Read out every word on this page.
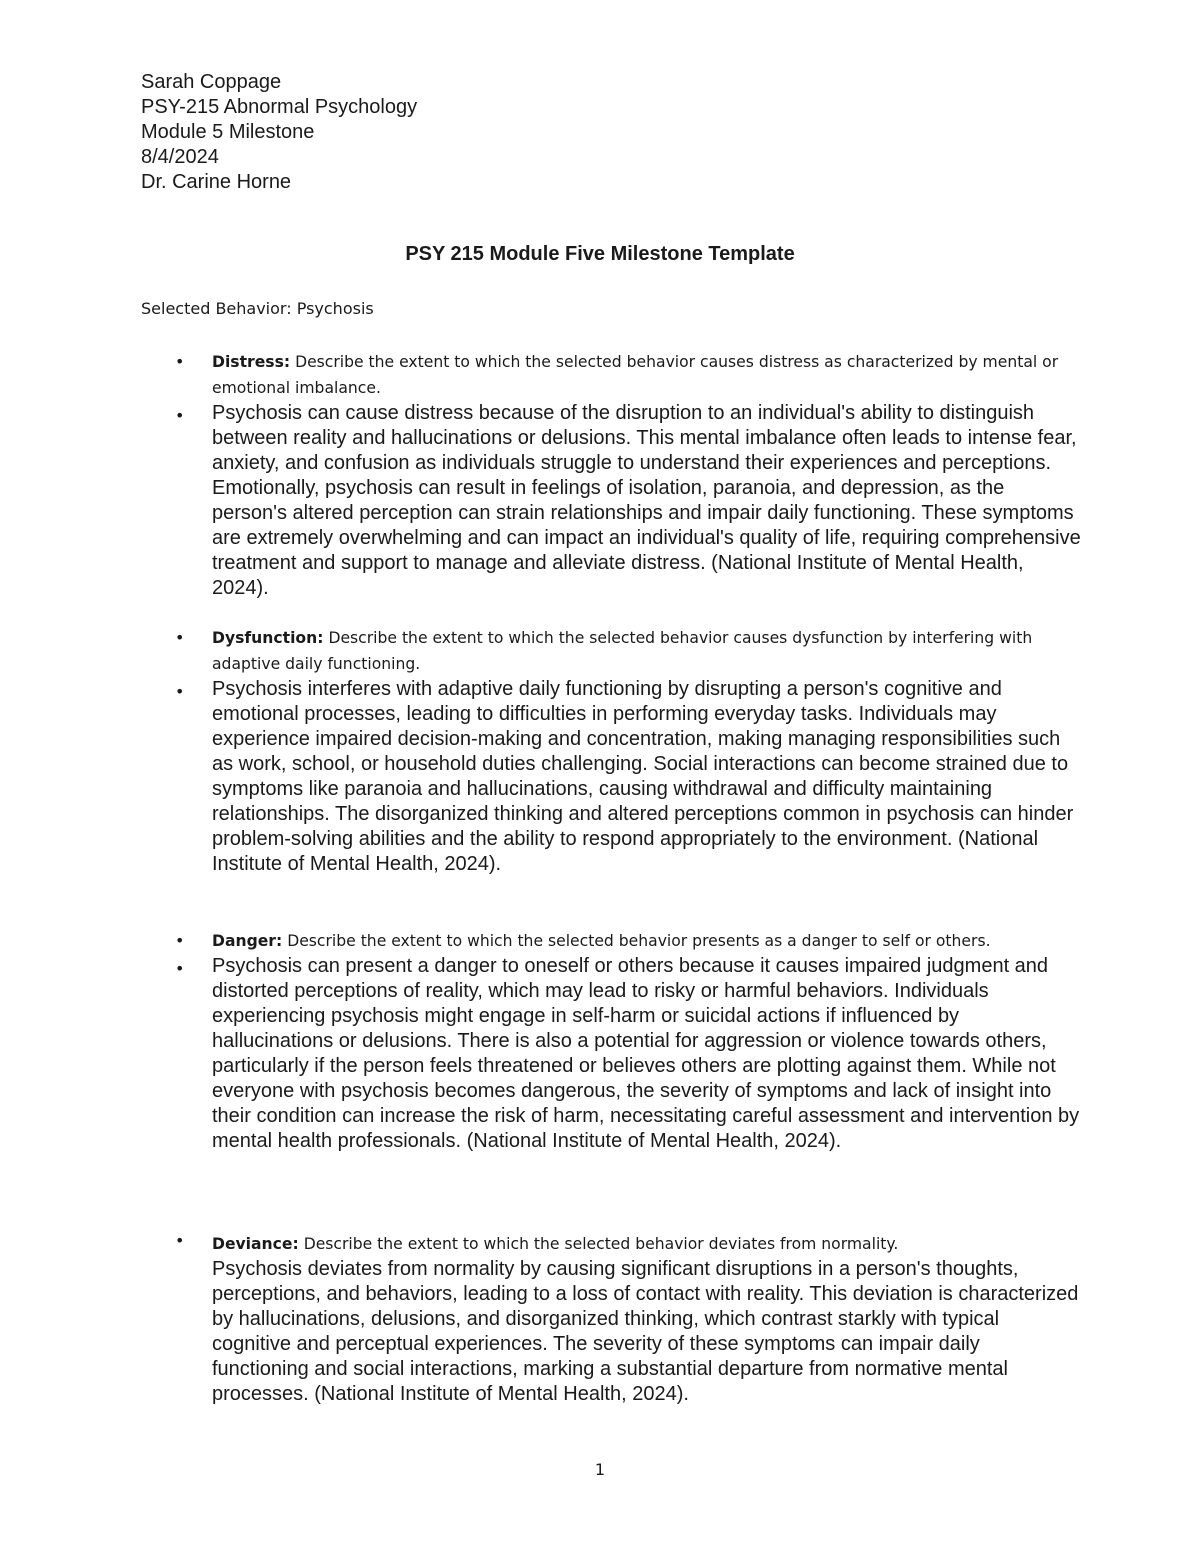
Sarah Coppage
PSY-215 Abnormal Psychology
Module 5 Milestone
8/4/2024
Dr. Carine Horne
PSY 215 Module Five Milestone Template
Selected Behavior: Psychosis
• Distress: Describe the extent to which the selected behavior causes distress as characterized by mental or emotional imbalance.
• Psychosis can cause distress because of the disruption to an individual's ability to distinguish between reality and hallucinations or delusions. This mental imbalance often leads to intense fear, anxiety, and confusion as individuals struggle to understand their experiences and perceptions. Emotionally, psychosis can result in feelings of isolation, paranoia, and depression, as the person's altered perception can strain relationships and impair daily functioning. These symptoms are extremely overwhelming and can impact an individual's quality of life, requiring comprehensive treatment and support to manage and alleviate distress. (National Institute of Mental Health, 2024).
• Dysfunction: Describe the extent to which the selected behavior causes dysfunction by interfering with adaptive daily functioning.
• Psychosis interferes with adaptive daily functioning by disrupting a person's cognitive and emotional processes, leading to difficulties in performing everyday tasks. Individuals may experience impaired decision-making and concentration, making managing responsibilities such as work, school, or household duties challenging. Social interactions can become strained due to symptoms like paranoia and hallucinations, causing withdrawal and difficulty maintaining relationships. The disorganized thinking and altered perceptions common in psychosis can hinder problem-solving abilities and the ability to respond appropriately to the environment. (National Institute of Mental Health, 2024).
• Danger: Describe the extent to which the selected behavior presents as a danger to self or others.
• Psychosis can present a danger to oneself or others because it causes impaired judgment and distorted perceptions of reality, which may lead to risky or harmful behaviors. Individuals experiencing psychosis might engage in self-harm or suicidal actions if influenced by hallucinations or delusions. There is also a potential for aggression or violence towards others, particularly if the person feels threatened or believes others are plotting against them. While not everyone with psychosis becomes dangerous, the severity of symptoms and lack of insight into their condition can increase the risk of harm, necessitating careful assessment and intervention by mental health professionals. (National Institute of Mental Health, 2024).
• Deviance: Describe the extent to which the selected behavior deviates from normality.
Psychosis deviates from normality by causing significant disruptions in a person's thoughts, perceptions, and behaviors, leading to a loss of contact with reality. This deviation is characterized by hallucinations, delusions, and disorganized thinking, which contrast starkly with typical cognitive and perceptual experiences. The severity of these symptoms can impair daily functioning and social interactions, marking a substantial departure from normative mental processes. (National Institute of Mental Health, 2024).
1
